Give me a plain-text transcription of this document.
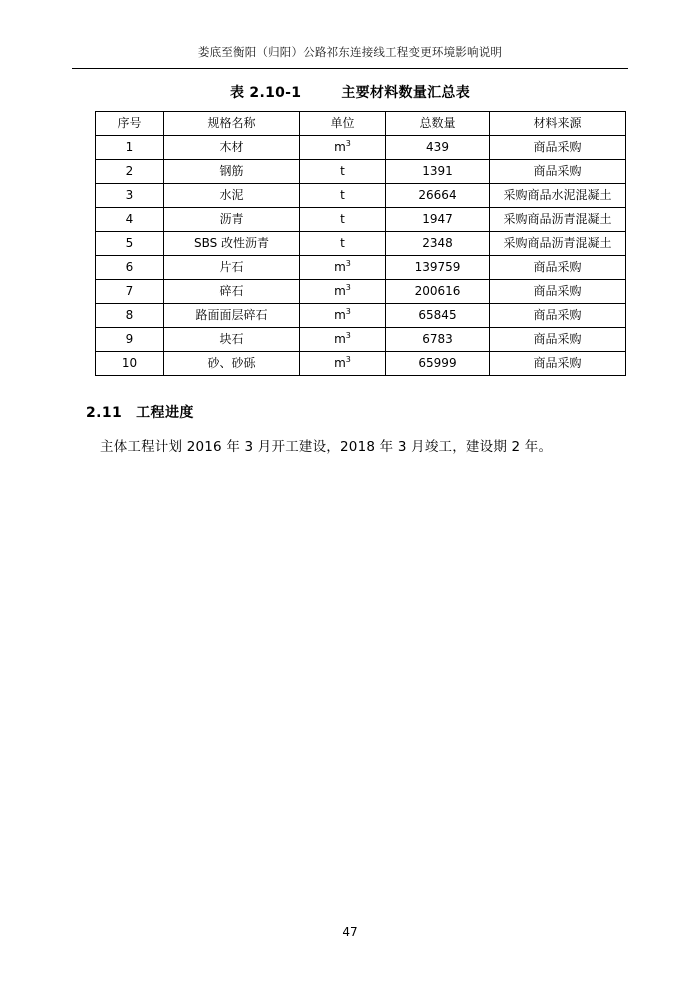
娄底至衡阳（归阳）公路祁东连接线工程变更环境影响说明
表 2.10-1	主要材料数量汇总表
序号	规格名称	单位	总数量	材料来源
1	木材	$m^3$	439	商品采购
2	钢筋	t	1391	商品采购
3	水泥	t	26664	采购商品水泥混凝土
4	沥青	t	1947	采购商品沥青混凝土
5	SBS 改性沥青	t	2348	采购商品沥青混凝土
6	片石	$m^3$	139759	商品采购
7	碎石	$m^3$	200616	商品采购
8	路面面层碎石	$m^3$	65845	商品采购
9	块石	$m^3$	6783	商品采购
10	砂、砂砾	$m^3$	65999	商品采购
2.11 工程进度
主体工程计划 2016 年 3 月开工建设，2018 年 3 月竣工，建设期 2 年。
47
